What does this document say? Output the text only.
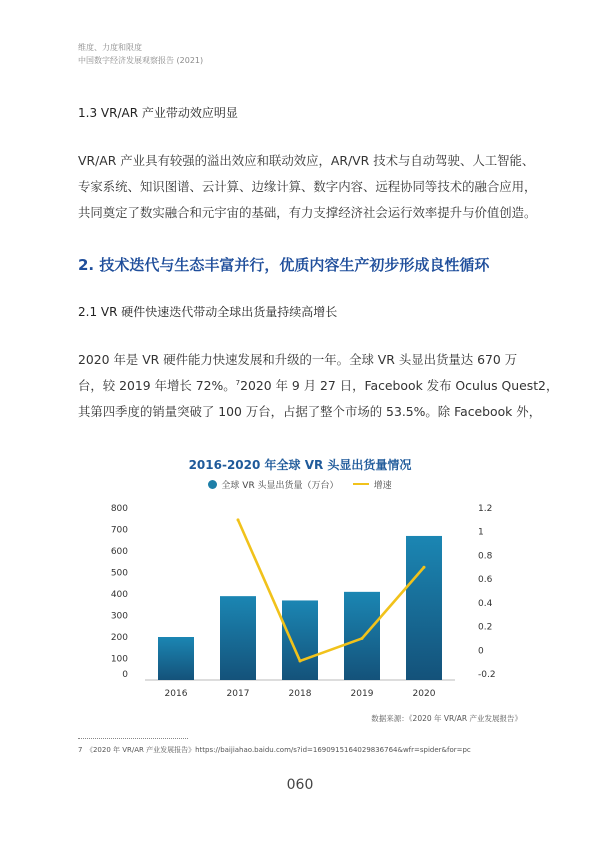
维度、力度和限度
中国数字经济发展观察报告 (2021)
1.3 VR/AR 产业带动效应明显

VR/AR 产业具有较强的溢出效应和联动效应，AR/VR 技术与自动驾驶、人工智能、

专家系统、知识图谱、云计算、边缘计算、数字内容、远程协同等技术的融合应用，

共同奠定了数实融合和元宇宙的基础，有力支撑经济社会运行效率提升与价值创造。

2. 技术迭代与生态丰富并行，优质内容生产初步形成良性循环
2.1 VR 硬件快速迭代带动全球出货量持续高增长

2020 年是 VR 硬件能力快速发展和升级的一年。全球 VR 头显出货量达 670 万

台，较 2019 年增长 72%。$^7$2020 年 9 月 27 日，Facebook 发布 Oculus Quest2，

其第四季度的销量突破了 100 万台，占据了整个市场的 53.5%。除 Facebook 外，

2016-2020 年全球 VR 头显出货量情况
全球 VR 头显出货量（万台）	增速
0
100
200
300
400
500
600
700
800
-0.2
0
0.2
0.4
0.6
0.8
1
1.2
2016	2017	2018	2019	2020
数据来源：《2020 年 VR/AR 产业发展报告》
7　《2020 年 VR/AR 产业发展报告》https://baijiahao.baidu.com/s?id=1690915164029836764&wfr=spider&for=pc
060
